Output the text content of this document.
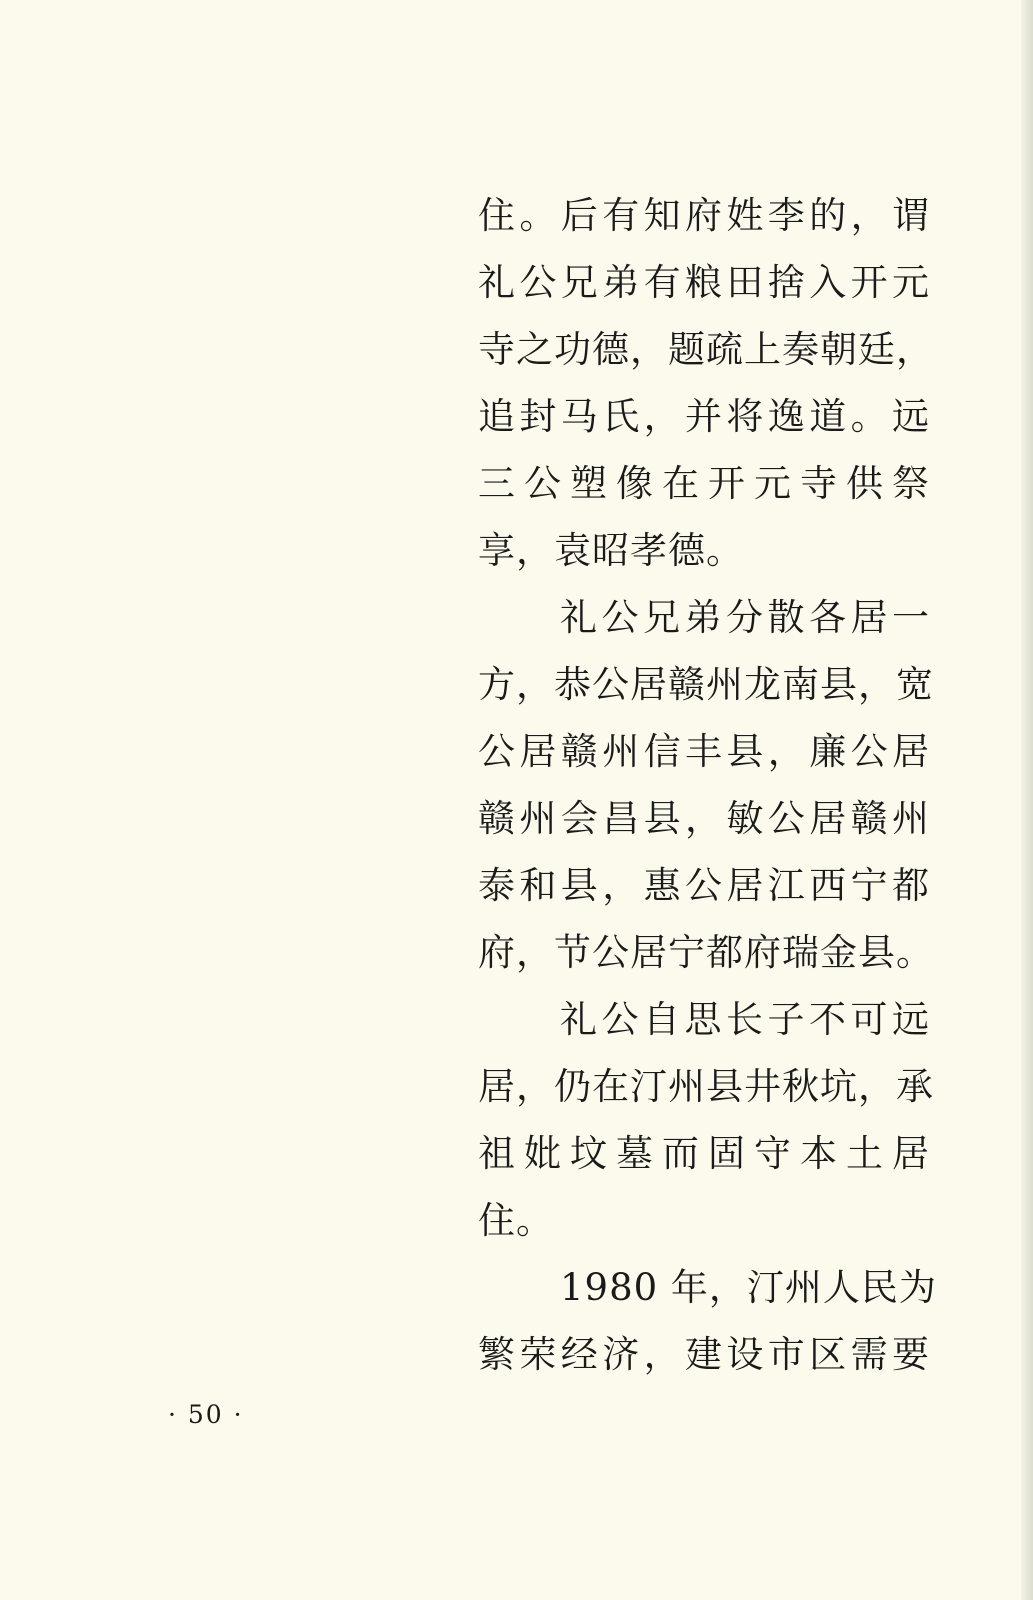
住。后有知府姓李的，谓
礼公兄弟有粮田捨入开元
寺之功德，题疏上奏朝廷，
追封马氏，并将逸道。远
三公塑像在开元寺供祭
享，袁昭孝德。
礼公兄弟分散各居一
方，恭公居赣州龙南县，宽
公居赣州信丰县，廉公居
赣州会昌县，敏公居赣州
泰和县，惠公居江西宁都
府，节公居宁都府瑞金县。
礼公自思长子不可远
居，仍在汀州县井秋坑，承
祖妣坟墓而固守本土居
住。
1980 年，汀州人民为
繁荣经济，建设市区需要
· 50 ·
